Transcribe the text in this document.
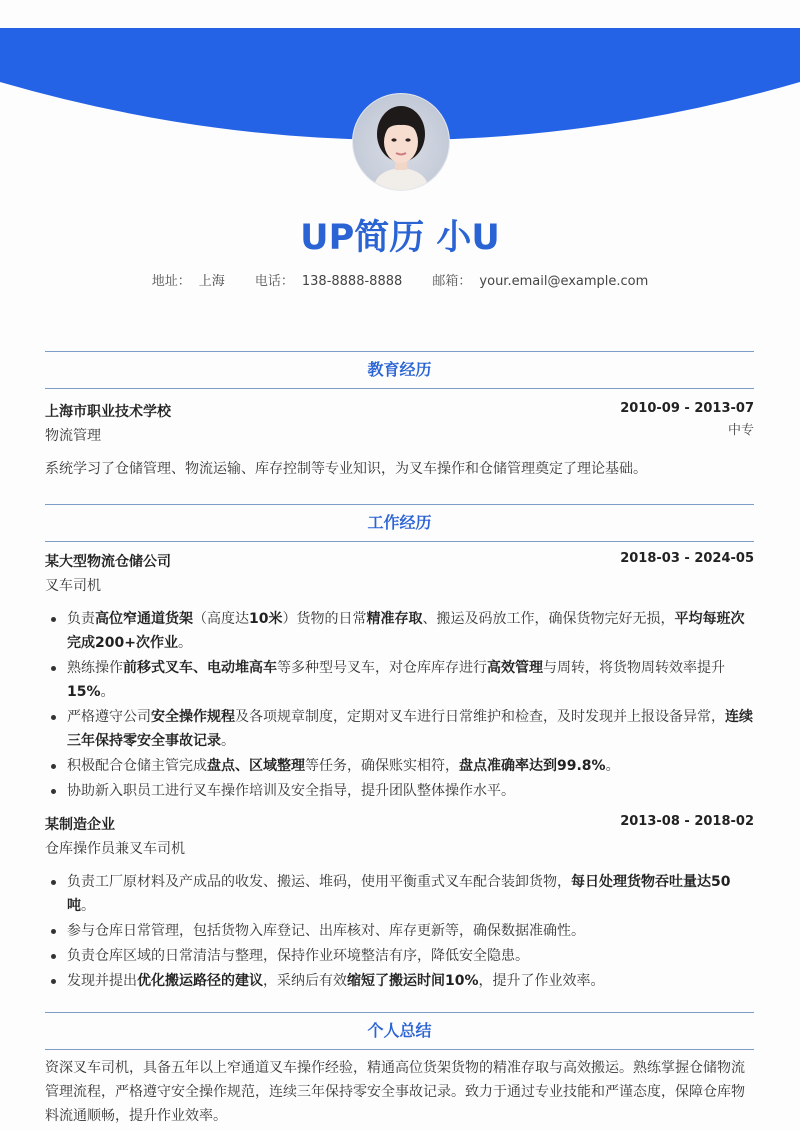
UP简历 小U
地址： 上海 电话： 138-8888-8888 邮箱： your.email@example.com
教育经历
上海市职业技术学校	2010-09 - 2013-07
物流管理	中专
系统学习了仓储管理、物流运输、库存控制等专业知识，为叉车操作和仓储管理奠定了理论基础。
工作经历
某大型物流仓储公司	2018-03 - 2024-05
叉车司机
负责高位窄通道货架（高度达10米）货物的日常精准存取、搬运及码放工作，确保货物完好无损，平均每班次完成200+次作业。
熟练操作前移式叉车、电动堆高车等多种型号叉车，对仓库库存进行高效管理与周转，将货物周转效率提升15%。
严格遵守公司安全操作规程及各项规章制度，定期对叉车进行日常维护和检查，及时发现并上报设备异常，连续三年保持零安全事故记录。
积极配合仓储主管完成盘点、区域整理等任务，确保账实相符，盘点准确率达到99.8%。
协助新入职员工进行叉车操作培训及安全指导，提升团队整体操作水平。
某制造企业	2013-08 - 2018-02
仓库操作员兼叉车司机
负责工厂原材料及产成品的收发、搬运、堆码，使用平衡重式叉车配合装卸货物，每日处理货物吞吐量达50吨。
参与仓库日常管理，包括货物入库登记、出库核对、库存更新等，确保数据准确性。
负责仓库区域的日常清洁与整理，保持作业环境整洁有序，降低安全隐患。
发现并提出优化搬运路径的建议，采纳后有效缩短了搬运时间10%，提升了作业效率。
个人总结
资深叉车司机，具备五年以上窄通道叉车操作经验，精通高位货架货物的精准存取与高效搬运。熟练掌握仓储物流管理流程，严格遵守安全操作规范，连续三年保持零安全事故记录。致力于通过专业技能和严谨态度，保障仓库物料流通顺畅，提升作业效率。
